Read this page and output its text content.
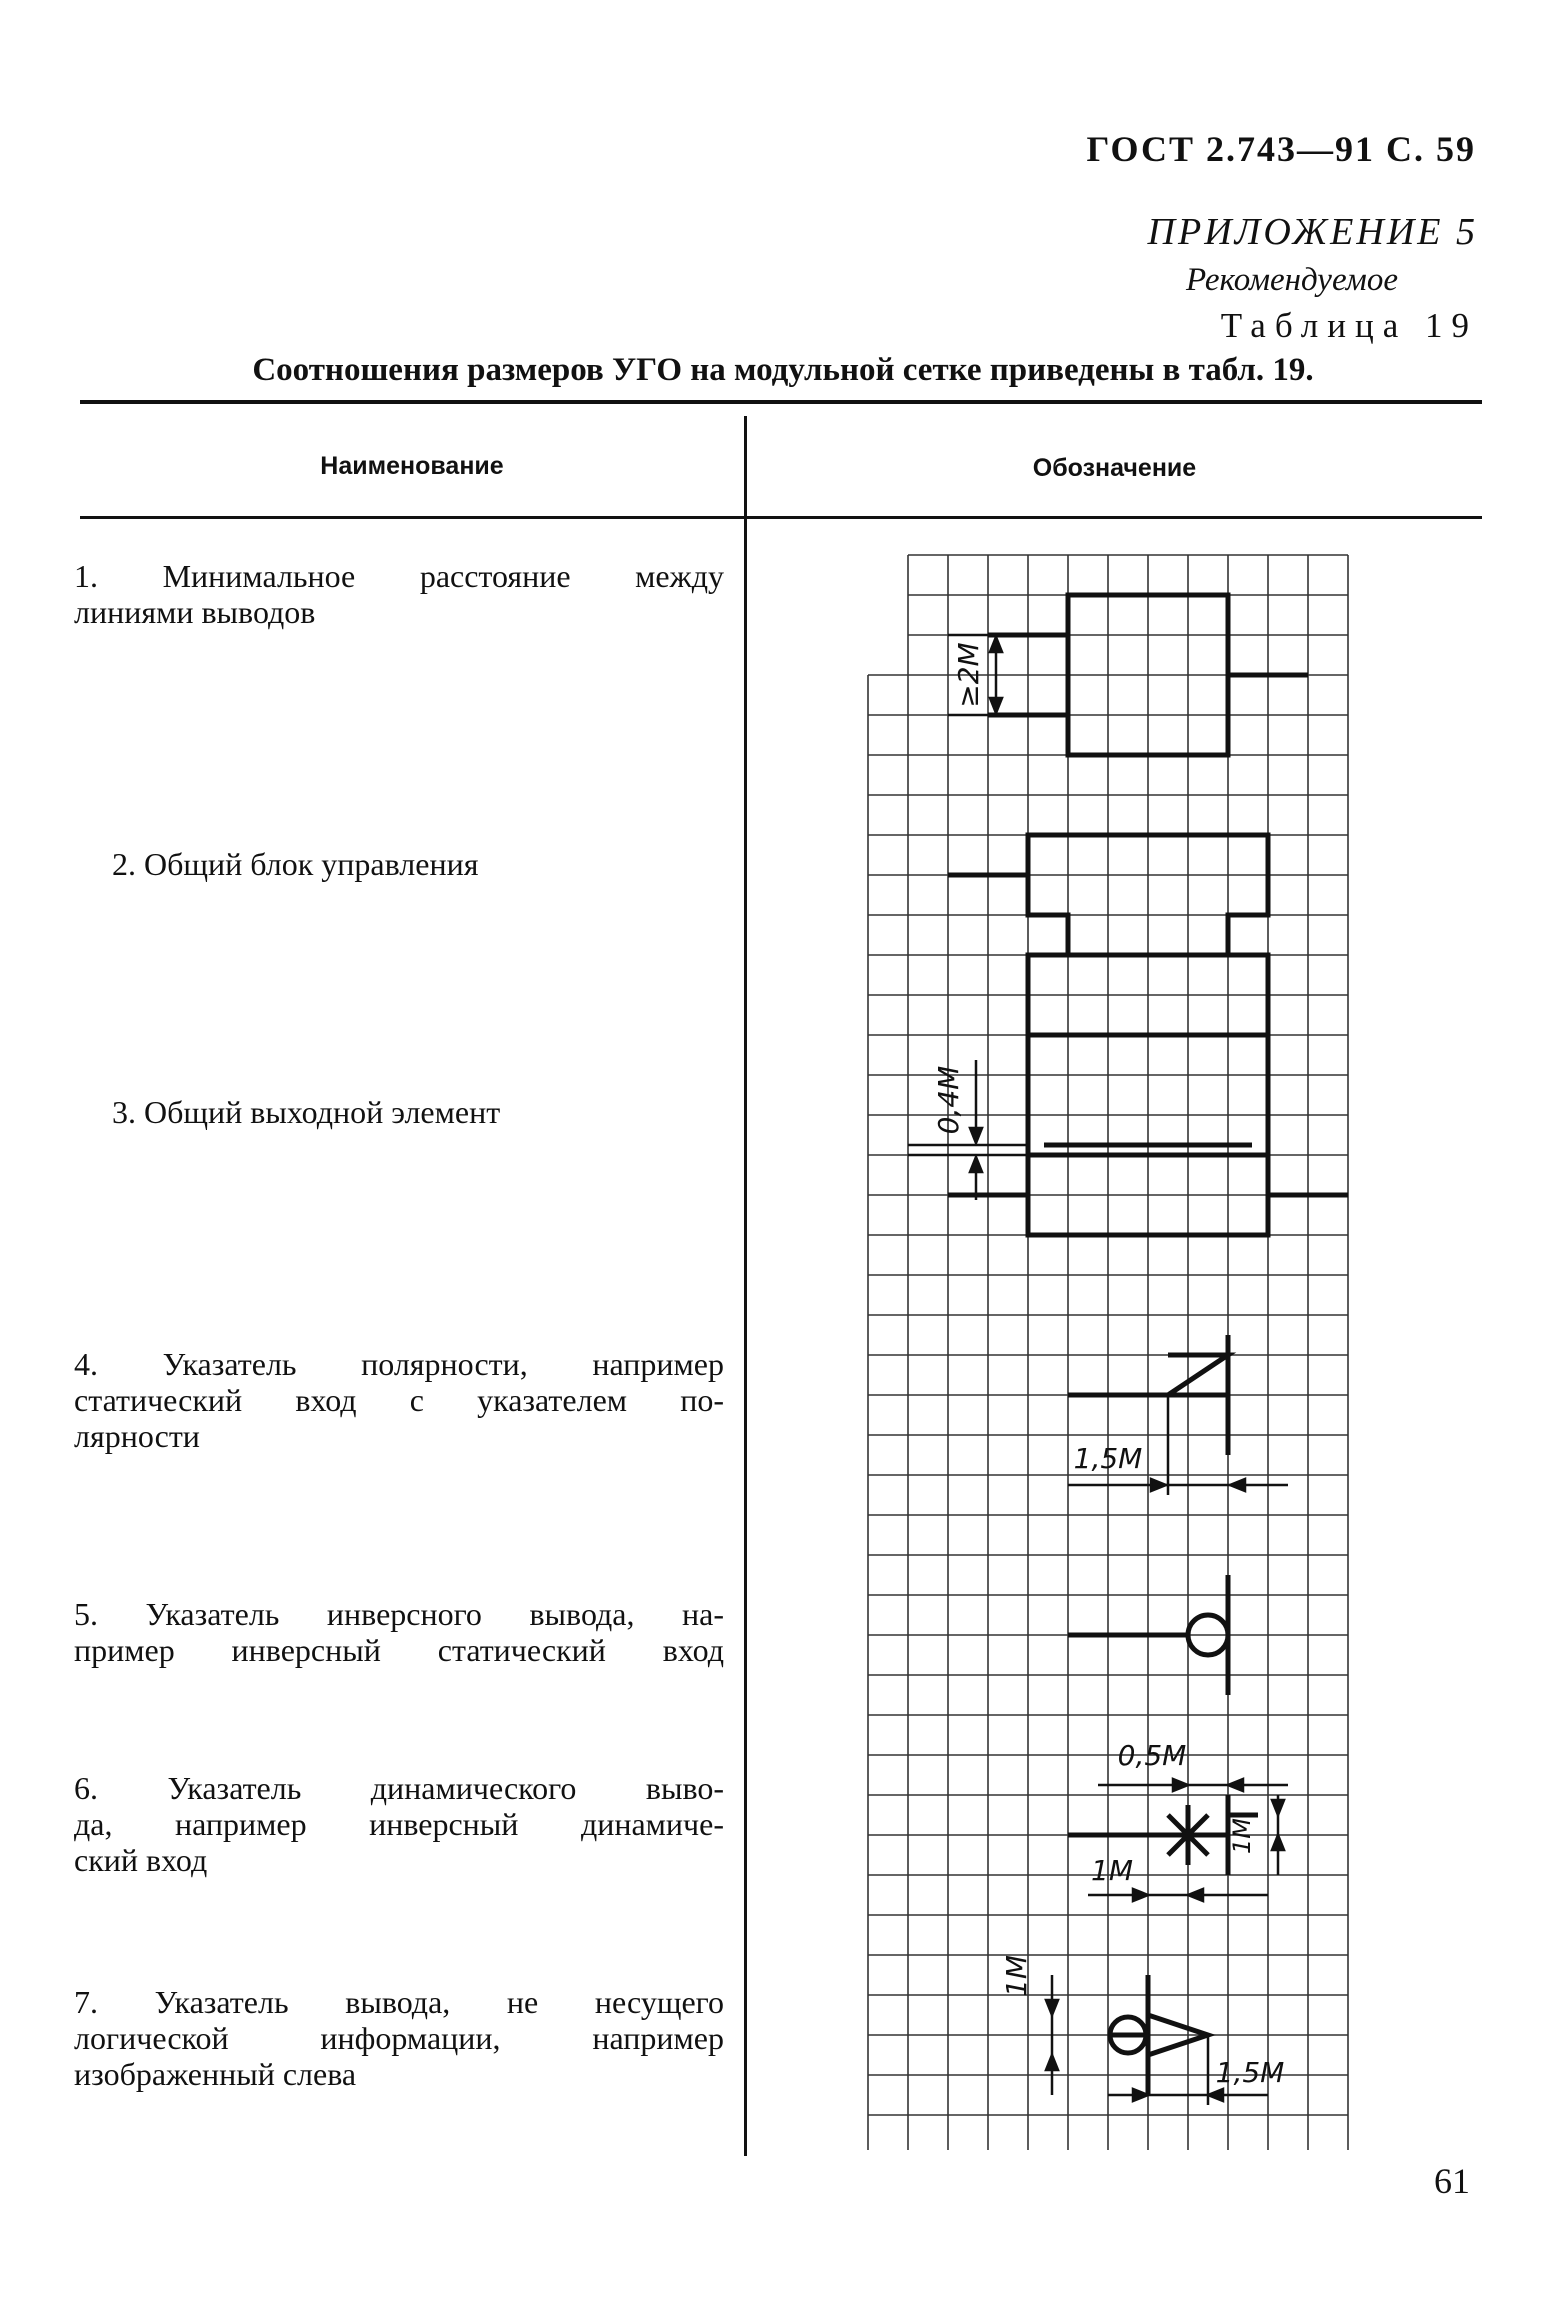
ГОСТ 2.743—91 С. 59
ПРИЛОЖЕНИЕ 5
Рекомендуемое
Таблица 19
Соотношения размеров УГО на модульной сетке приведены в табл. 19.
Наименование	Обозначение
1. Минимальное расстояние между
линиями выводов
2. Общий блок управления
3. Общий выходной элемент
4. Указатель полярности, например
статический вход с указателем по-
лярности
5. Указатель инверсного вывода, на-
пример инверсный статический вход
6. Указатель динамического выво-
да, например инверсный динамиче-
ский вход
7. Указатель вывода, не несущего
логической информации, например
изображенный слева
≥2M
0,4M
1,5M
0,5M
1M
1M
1M
1,5M
61
